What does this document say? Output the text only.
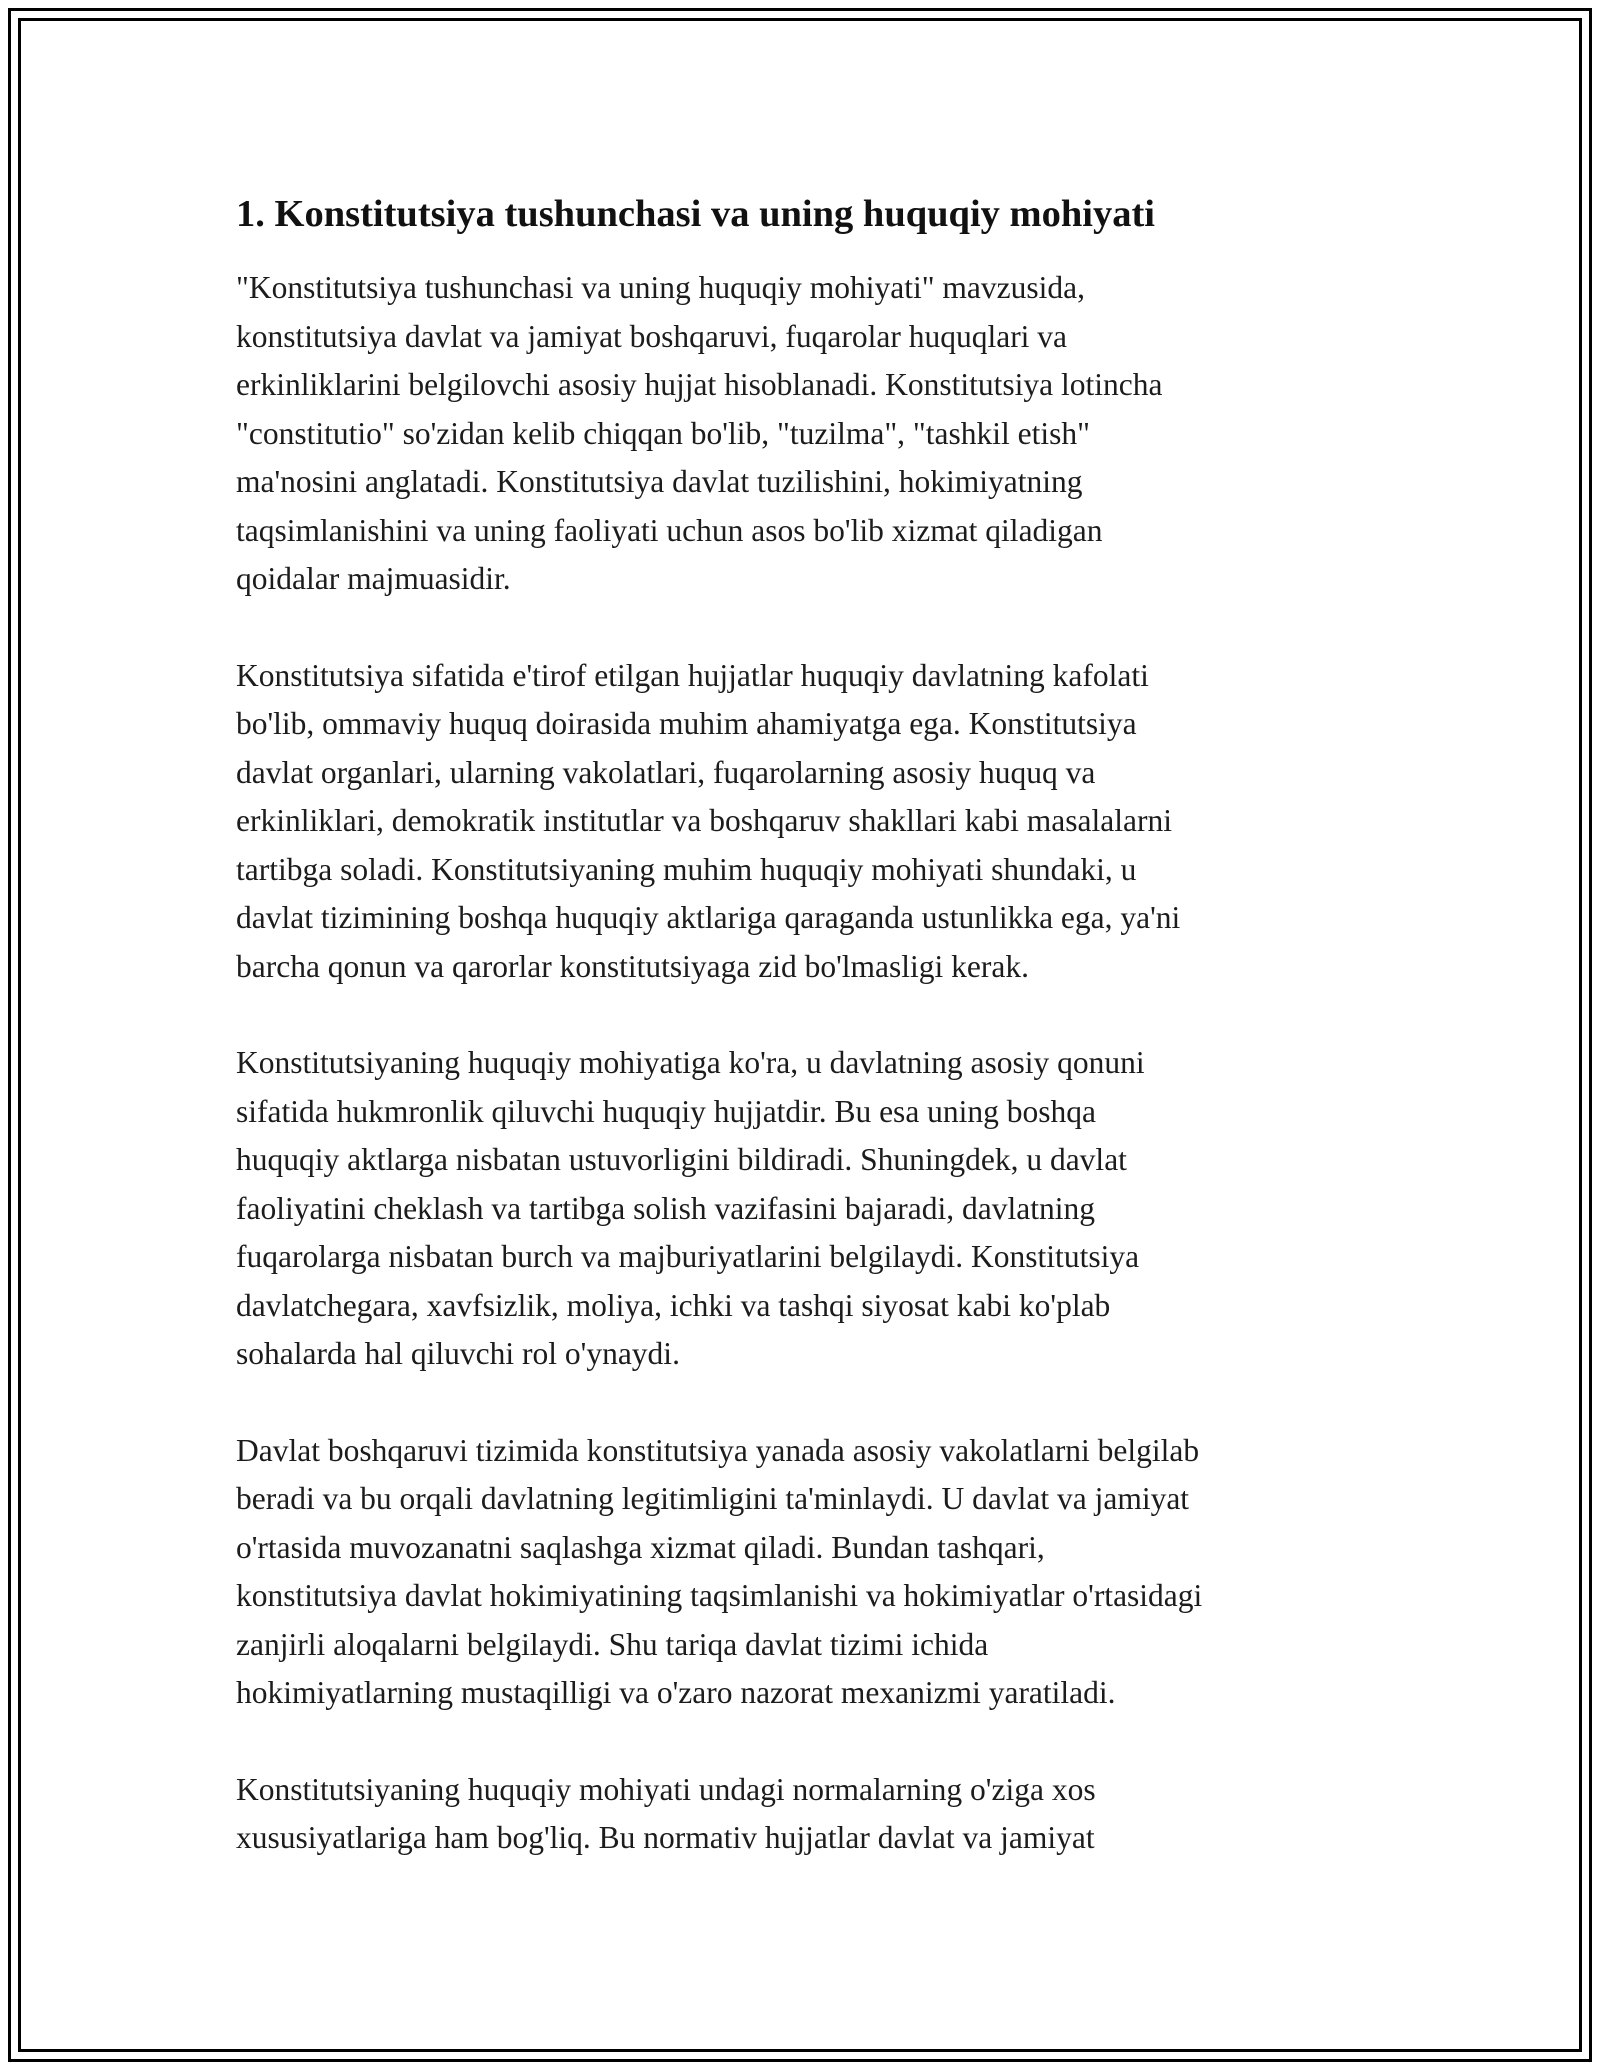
1. Konstitutsiya tushunchasi va uning huquqiy mohiyati

"Konstitutsiya tushunchasi va uning huquqiy mohiyati" mavzusida,
konstitutsiya davlat va jamiyat boshqaruvi, fuqarolar huquqlari va
erkinliklarini belgilovchi asosiy hujjat hisoblanadi. Konstitutsiya lotincha
"constitutio" so'zidan kelib chiqqan bo'lib, "tuzilma", "tashkil etish"
ma'nosini anglatadi. Konstitutsiya davlat tuzilishini, hokimiyatning
taqsimlanishini va uning faoliyati uchun asos bo'lib xizmat qiladigan
qoidalar majmuasidir.

Konstitutsiya sifatida e'tirof etilgan hujjatlar huquqiy davlatning kafolati
bo'lib, ommaviy huquq doirasida muhim ahamiyatga ega. Konstitutsiya
davlat organlari, ularning vakolatlari, fuqarolarning asosiy huquq va
erkinliklari, demokratik institutlar va boshqaruv shakllari kabi masalalarni
tartibga soladi. Konstitutsiyaning muhim huquqiy mohiyati shundaki, u
davlat tizimining boshqa huquqiy aktlariga qaraganda ustunlikka ega, ya'ni
barcha qonun va qarorlar konstitutsiyaga zid bo'lmasligi kerak.

Konstitutsiyaning huquqiy mohiyatiga ko'ra, u davlatning asosiy qonuni
sifatida hukmronlik qiluvchi huquqiy hujjatdir. Bu esa uning boshqa
huquqiy aktlarga nisbatan ustuvorligini bildiradi. Shuningdek, u davlat
faoliyatini cheklash va tartibga solish vazifasini bajaradi, davlatning
fuqarolarga nisbatan burch va majburiyatlarini belgilaydi. Konstitutsiya
davlatchegara, xavfsizlik, moliya, ichki va tashqi siyosat kabi ko'plab
sohalarda hal qiluvchi rol o'ynaydi.

Davlat boshqaruvi tizimida konstitutsiya yanada asosiy vakolatlarni belgilab
beradi va bu orqali davlatning legitimligini ta'minlaydi. U davlat va jamiyat
o'rtasida muvozanatni saqlashga xizmat qiladi. Bundan tashqari,
konstitutsiya davlat hokimiyatining taqsimlanishi va hokimiyatlar o'rtasidagi
zanjirli aloqalarni belgilaydi. Shu tariqa davlat tizimi ichida
hokimiyatlarning mustaqilligi va o'zaro nazorat mexanizmi yaratiladi.

Konstitutsiyaning huquqiy mohiyati undagi normalarning o'ziga xos
xususiyatlariga ham bog'liq. Bu normativ hujjatlar davlat va jamiyat
